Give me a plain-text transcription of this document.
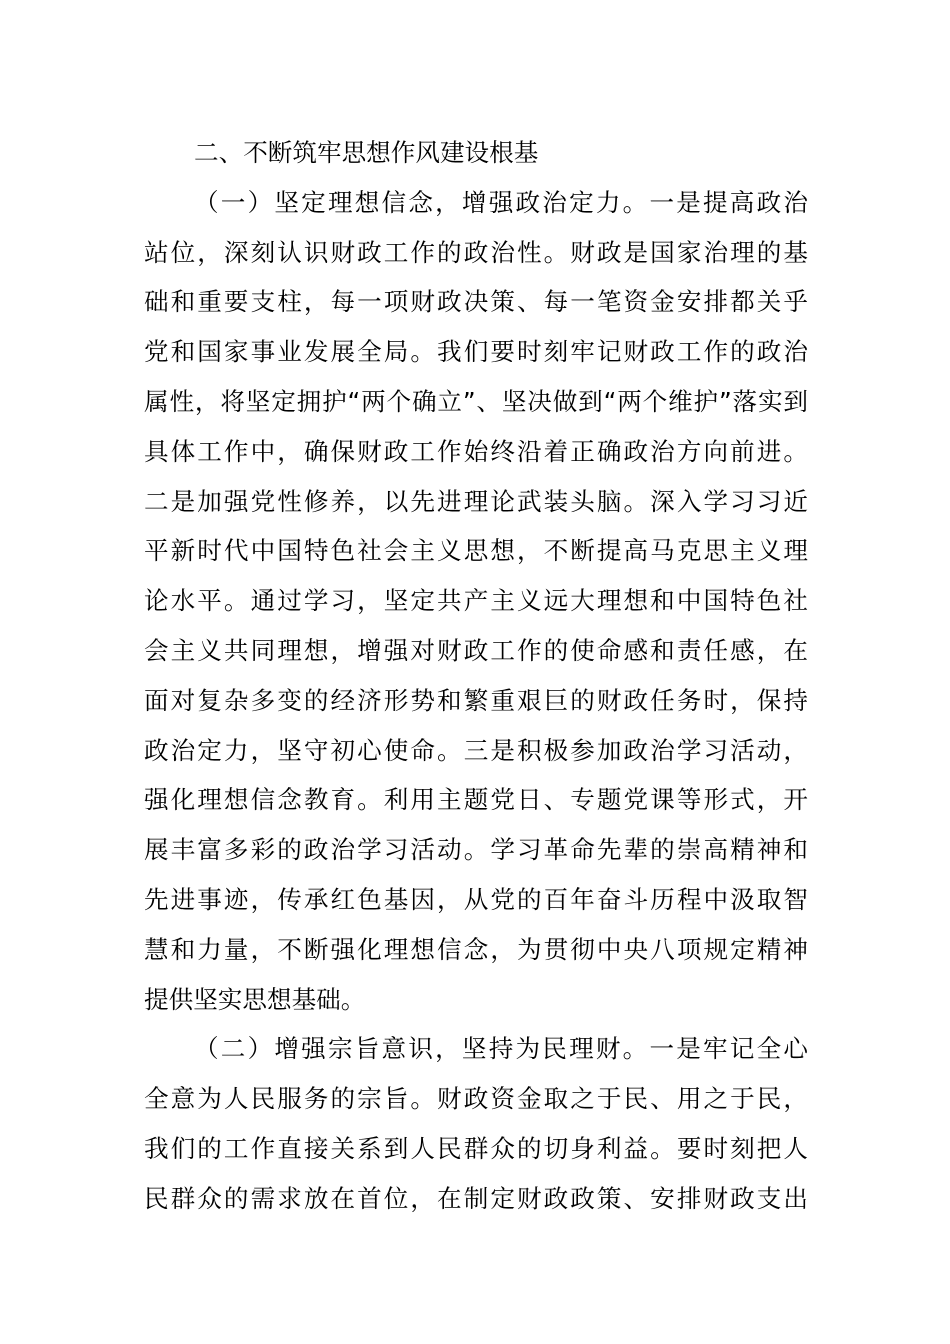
二、不断筑牢思想作风建设根基
（一）坚定理想信念，增强政治定力。一是提高政治
站位，深刻认识财政工作的政治性。财政是国家治理的基
础和重要支柱，每一项财政决策、每一笔资金安排都关乎
党和国家事业发展全局。我们要时刻牢记财政工作的政治
属性，将坚定拥护“两个确立”、坚决做到“两个维护”落实到
具体工作中，确保财政工作始终沿着正确政治方向前进。
二是加强党性修养，以先进理论武装头脑。深入学习习近
平新时代中国特色社会主义思想，不断提高马克思主义理
论水平。通过学习，坚定共产主义远大理想和中国特色社
会主义共同理想，增强对财政工作的使命感和责任感，在
面对复杂多变的经济形势和繁重艰巨的财政任务时，保持
政治定力，坚守初心使命。三是积极参加政治学习活动，
强化理想信念教育。利用主题党日、专题党课等形式，开
展丰富多彩的政治学习活动。学习革命先辈的崇高精神和
先进事迹，传承红色基因，从党的百年奋斗历程中汲取智
慧和力量，不断强化理想信念，为贯彻中央八项规定精神
提供坚实思想基础。
（二）增强宗旨意识，坚持为民理财。一是牢记全心
全意为人民服务的宗旨。财政资金取之于民、用之于民，
我们的工作直接关系到人民群众的切身利益。要时刻把人
民群众的需求放在首位，在制定财政政策、安排财政支出
